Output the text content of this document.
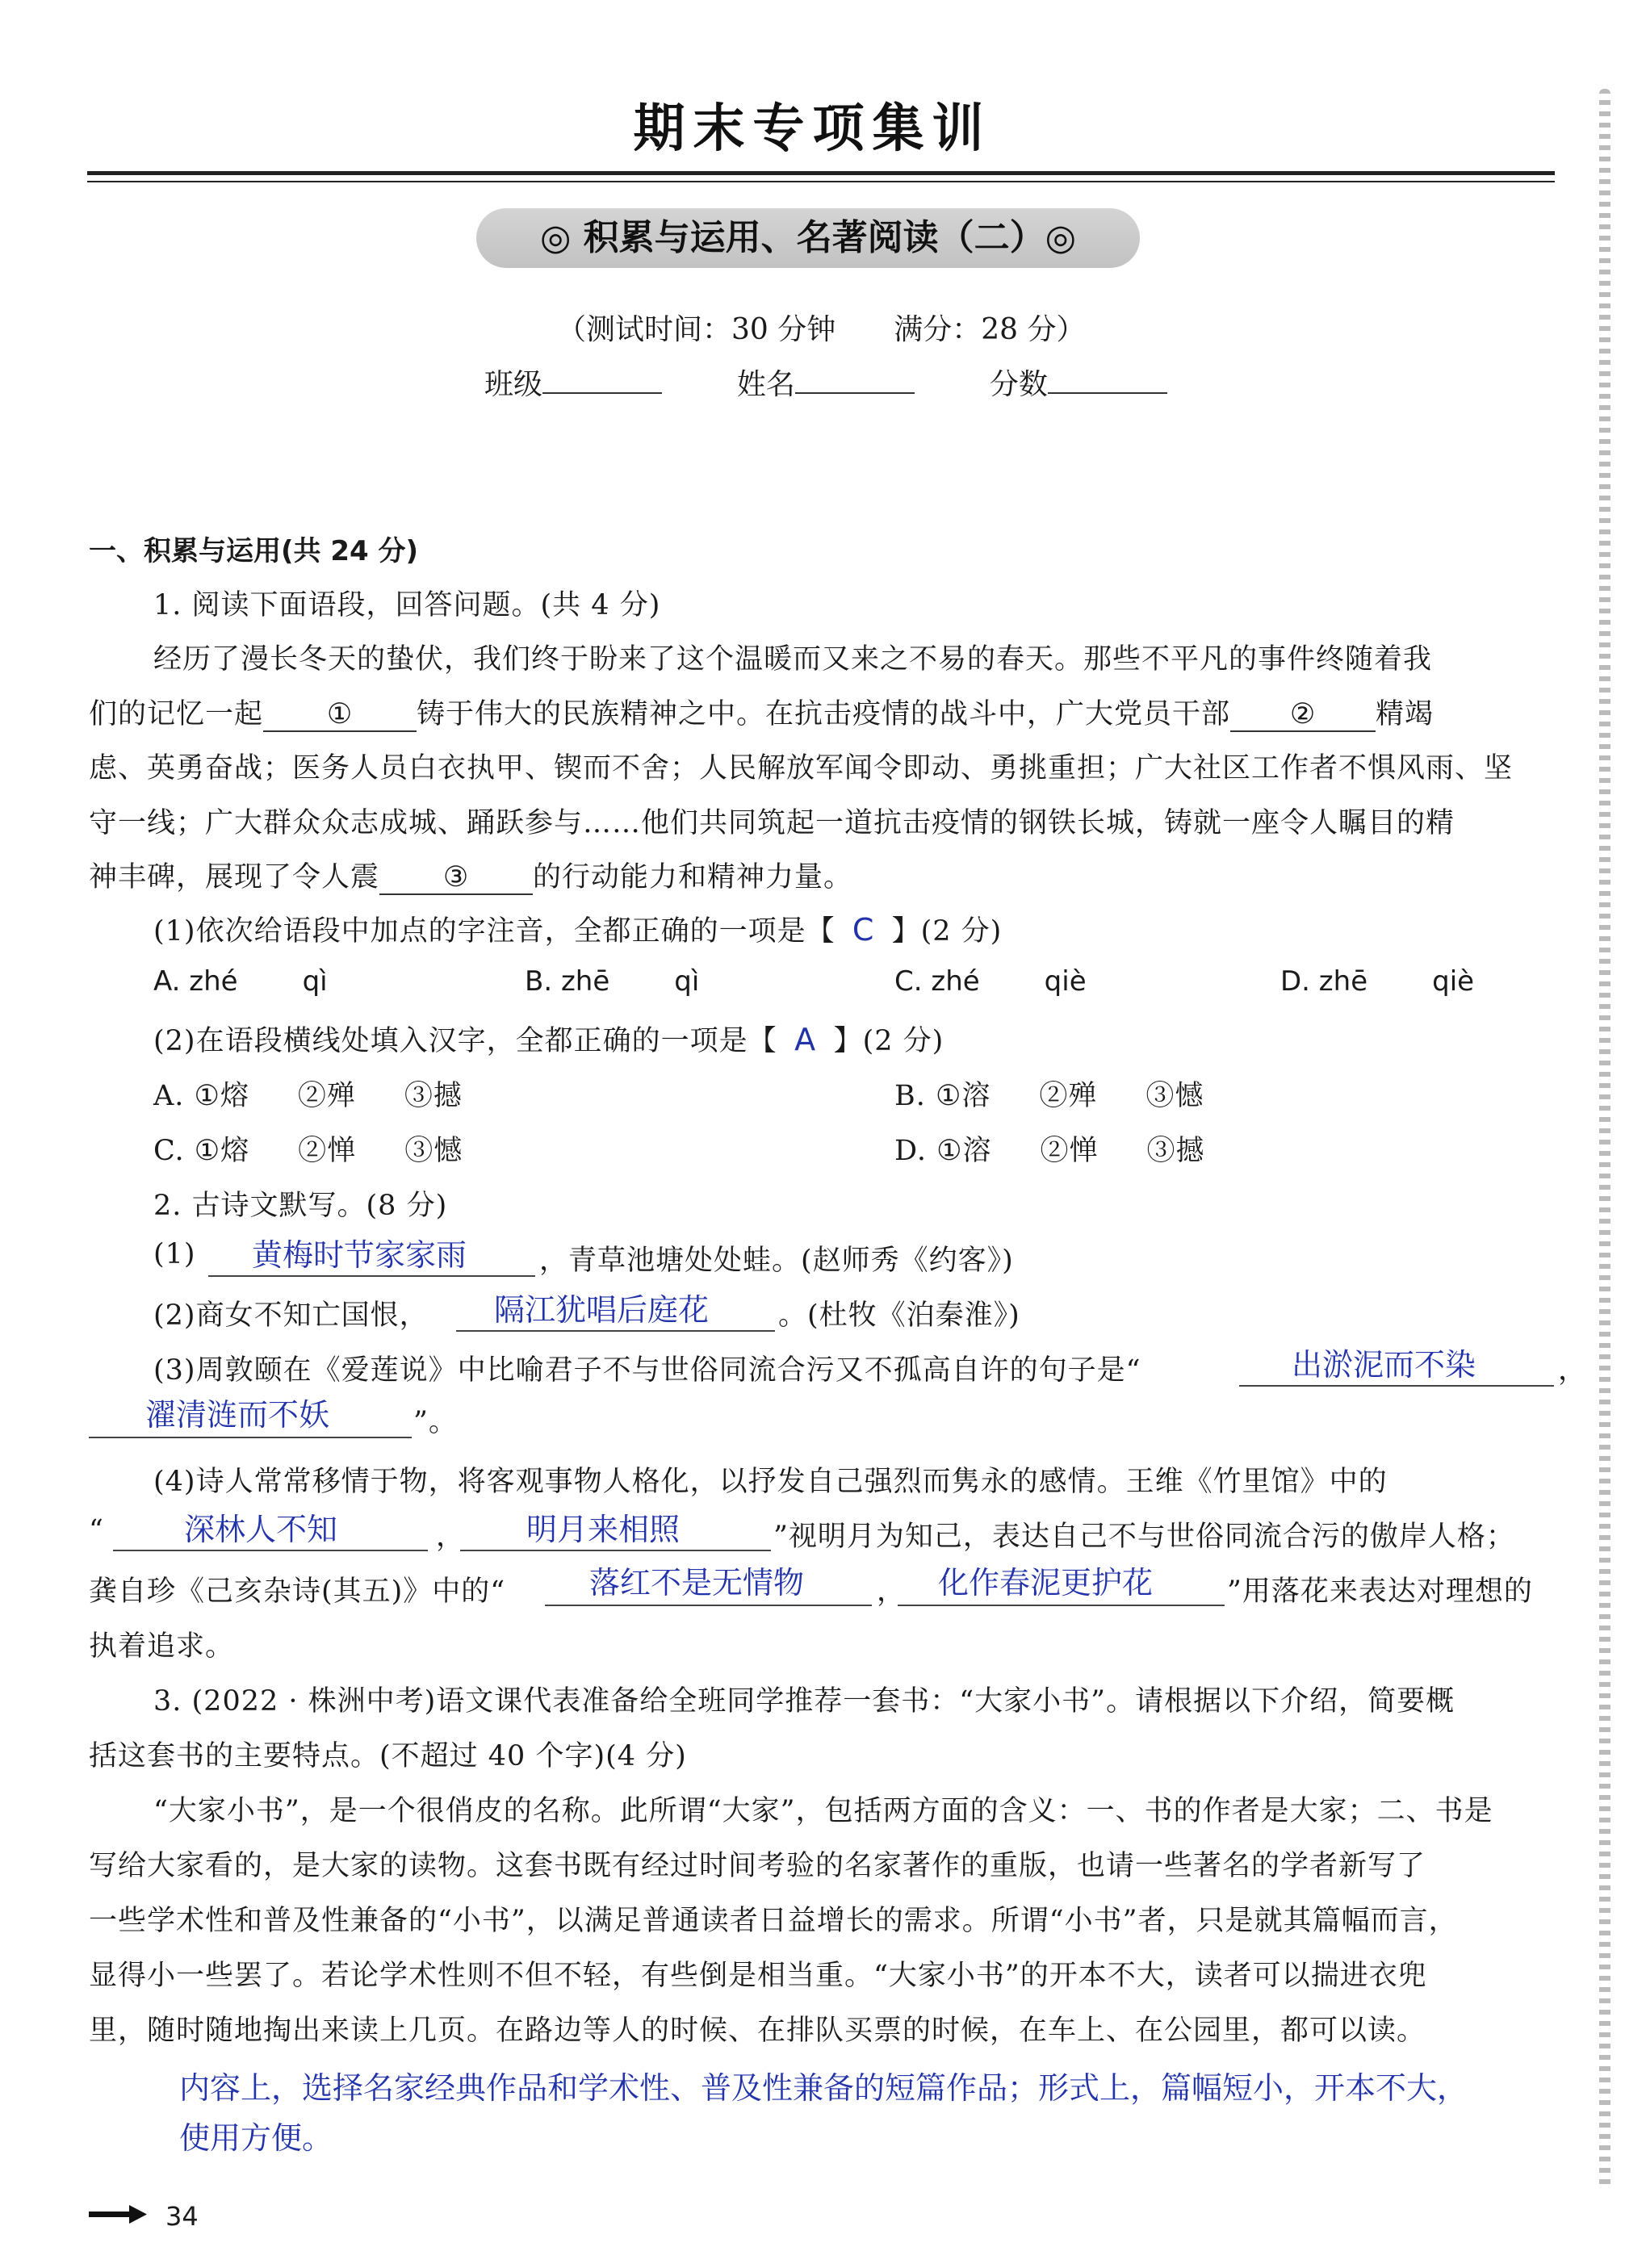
期末专项集训
◎ 积累与运用、名著阅读（二）◎
（测试时间：30 分钟　　满分：28 分）
班级	姓名	分数
一、积累与运用(共 24 分)
1. 阅读下面语段，回答问题。(共 4 分)
经历了漫长冬天的蛰伏，我们终于盼来了这个温暖而又来之不易的春天。那些不平凡的事件终随着我
们的记忆一起 ① 铸于伟大的民族精神之中。在抗击疫情的战斗中，广大党员干部 ② 精竭
虑、英勇奋战；医务人员白衣执甲、锲而不舍；人民解放军闻令即动、勇挑重担；广大社区工作者不惧风雨、坚
守一线；广大群众众志成城、踊跃参与……他们共同筑起一道抗击疫情的钢铁长城，铸就一座令人瞩目的精
神丰碑，展现了令人震 ③ 的行动能力和精神力量。
(1)依次给语段中加点的字注音，全都正确的一项是【 C 】(2 分)
A. zhé qì	B. zhē qì	C. zhé qiè	D. zhē qiè
(2)在语段横线处填入汉字，全都正确的一项是【 A 】(2 分)
A. ①熔 ②殚 ③撼	B. ①溶 ②殚 ③憾
C. ①熔 ②惮 ③憾	D. ①溶 ②惮 ③撼
2. 古诗文默写。(8 分)
(1) 黄梅时节家家雨	，青草池塘处处蛙。(赵师秀《约客》)
(2)商女不知亡国恨， 隔江犹唱后庭花 。(杜牧《泊秦淮》)
(3)周敦颐在《爱莲说》中比喻君子不与世俗同流合污又不孤高自许的句子是“	出淤泥而不染	，
濯清涟而不妖	”。
(4)诗人常常移情于物，将客观事物人格化，以抒发自己强烈而隽永的感情。王维《竹里馆》中的
“	深林人不知	， 明月来相照	”视明月为知己，表达自己不与世俗同流合污的傲岸人格；
龚自珍《己亥杂诗(其五)》中的“	落红不是无情物	， 化作春泥更护花	”用落花来表达对理想的
执着追求。
3. (2022 · 株洲中考)语文课代表准备给全班同学推荐一套书：“大家小书”。请根据以下介绍，简要概
括这套书的主要特点。(不超过 40 个字)(4 分)
“大家小书”，是一个很俏皮的名称。此所谓“大家”，包括两方面的含义：一、书的作者是大家；二、书是
写给大家看的，是大家的读物。这套书既有经过时间考验的名家著作的重版，也请一些著名的学者新写了
一些学术性和普及性兼备的“小书”，以满足普通读者日益增长的需求。所谓“小书”者，只是就其篇幅而言，
显得小一些罢了。若论学术性则不但不轻，有些倒是相当重。“大家小书”的开本不大，读者可以揣进衣兜
里，随时随地掏出来读上几页。在路边等人的时候、在排队买票的时候，在车上、在公园里，都可以读。
内容上，选择名家经典作品和学术性、普及性兼备的短篇作品；形式上，篇幅短小，开本不大，
使用方便。
34
